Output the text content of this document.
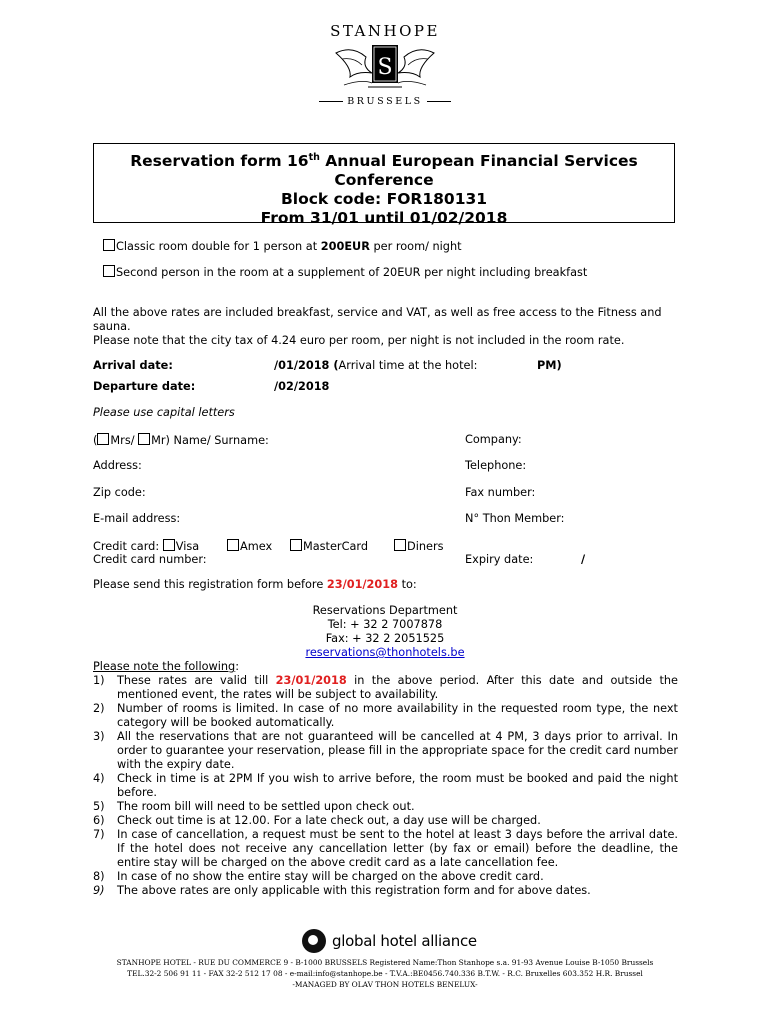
STANHOPE
S
BRUSSELS
Reservation form 16th Annual European Financial Services
Conference
Block code: FOR180131
From 31/01 until 01/02/2018
Classic room double for 1 person at 200EUR per room/ night
Second person in the room at a supplement of 20EUR per night including breakfast
All the above rates are included breakfast, service and VAT, as well as free access to the Fitness and
sauna.
Please note that the city tax of 4.24 euro per room, per night is not included in the room rate.
Arrival date:	/01/2018 (Arrival time at the hotel:	PM)
Departure date:	/02/2018
Please use capital letters
( Mrs/ Mr) Name/ Surname:	Company:
Address:	Telephone:
Zip code:	Fax number:
E-mail address:	N° Thon Member:
Credit card: Visa	Amex	MasterCard	Diners
Credit card number:	Expiry date:	/
Please send this registration form before 23/01/2018 to:
Reservations Department
Tel: + 32 2 7007878
Fax: + 32 2 2051525
reservations@thonhotels.be
Please note the following:
1) These rates are valid till 23/01/2018 in the above period. After this date and outside the mentioned event, the rates will be subject to availability.
2) Number of rooms is limited. In case of no more availability in the requested room type, the next category will be booked automatically.
3) All the reservations that are not guaranteed will be cancelled at 4 PM, 3 days prior to arrival. In order to guarantee your reservation, please fill in the appropriate space for the credit card number with the expiry date.
4) Check in time is at 2PM If you wish to arrive before, the room must be booked and paid the night before.
5) The room bill will need to be settled upon check out.
6) Check out time is at 12.00. For a late check out, a day use will be charged.
7) In case of cancellation, a request must be sent to the hotel at least 3 days before the arrival date. If the hotel does not receive any cancellation letter (by fax or email) before the deadline, the entire stay will be charged on the above credit card as a late cancellation fee.
8) In case of no show the entire stay will be charged on the above credit card.
9) The above rates are only applicable with this registration form and for above dates.
global hotel alliance
STANHOPE HOTEL - RUE DU COMMERCE 9 - B-1000 BRUSSELS Registered Name:Thon Stanhope s.a. 91-93 Avenue Louise B-1050 Brussels
TEL.32-2 506 91 11 - FAX 32-2 512 17 08 - e-mail:info@stanhope.be - T.V.A.:BE0456.740.336 B.T.W. - R.C. Bruxelles 603.352 H.R. Brussel
-MANAGED BY OLAV THON HOTELS BENELUX-
